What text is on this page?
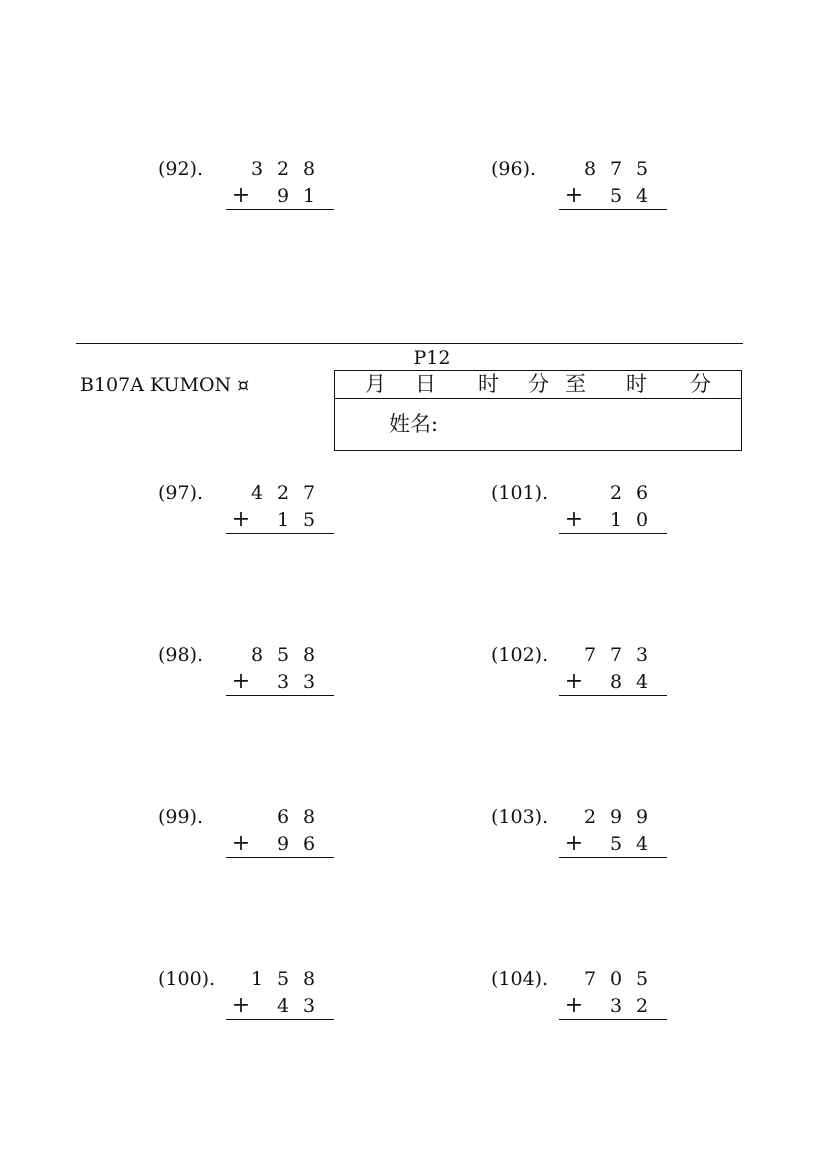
(92).	3 2 8
+	9 1
(96).	8 7 5
+	5 4
P12
B107A KUMON ¤	月 日 时 分 至 时 分
姓名:
(97).	4 2 7
+	1 5
(101).	2 6
+	1 0
(98).	8 5 8
+	3 3
(102). 7 7 3
+	8 4
(99).	6 8
+	9 6
(103). 2 9 9
+	5 4
(100). 1 5 8
+	4 3
(104). 7 0 5
+	3 2
